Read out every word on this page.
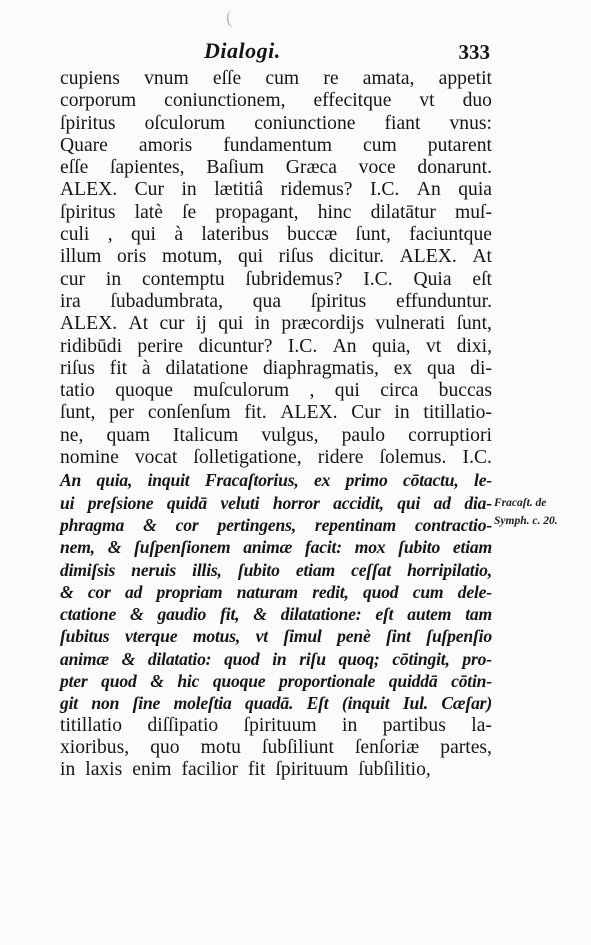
(
Dialogi.	333
cupiens vnum eſſe cum re amata, appetit
corporum coniunctionem, effecitque vt duo
ſpiritus oſculorum coniunctione fiant vnus:
Quare amoris fundamentum cum putarent
eſſe ſapientes, Baſium Græca voce donarunt.
ALEX. Cur in lætitiâ ridemus? I.C. An quia
ſpiritus latè ſe propagant, hinc dilatātur muſ-
culi , qui à lateribus buccæ ſunt, faciuntque
illum oris motum, qui riſus dicitur. ALEX. At
cur in contemptu ſubridemus? I.C. Quia eſt
ira ſubadumbrata, qua ſpiritus effunduntur.
ALEX. At cur ij qui in præcordijs vulnerati ſunt,
ridibūdi perire dicuntur? I.C. An quia, vt dixi,
riſus fit à dilatatione diaphragmatis, ex qua di-
tatio quoque muſculorum , qui circa buccas
ſunt, per conſenſum fit. ALEX. Cur in titillatio-
ne, quam Italicum vulgus, paulo corruptiori
nomine vocat ſolletigatione, ridere ſolemus. I.C.
An quia, inquit Fracaſtorius, ex primo cōtactu, le-
ui preſsione quidā veluti horror accidit, qui ad dia-
phragma & cor pertingens, repentinam contractio-
nem, & ſuſpenſionem animæ facit: mox ſubito etiam
dimiſsis neruis illis, ſubito etiam ceſſat horripilatio,
& cor ad propriam naturam redit, quod cum dele-
ctatione & gaudio fit, & dilatatione: eſt autem tam
ſubitus vterque motus, vt ſimul penè ſint ſuſpenſio
animæ & dilatatio: quod in riſu quoq; cōtingit, pro-
pter quod & hic quoque proportionale quiddā cōtin-
git non ſine moleſtia quadā. Eſt (inquit Iul. Cæſar)
titillatio diſſipatio ſpirituum in partibus la-
xioribus, quo motu ſubſiliunt ſenſoriæ partes,
in laxis enim facilior fit ſpirituum ſubſilitio,
Fracaſt. de
Symph. c. 20.
